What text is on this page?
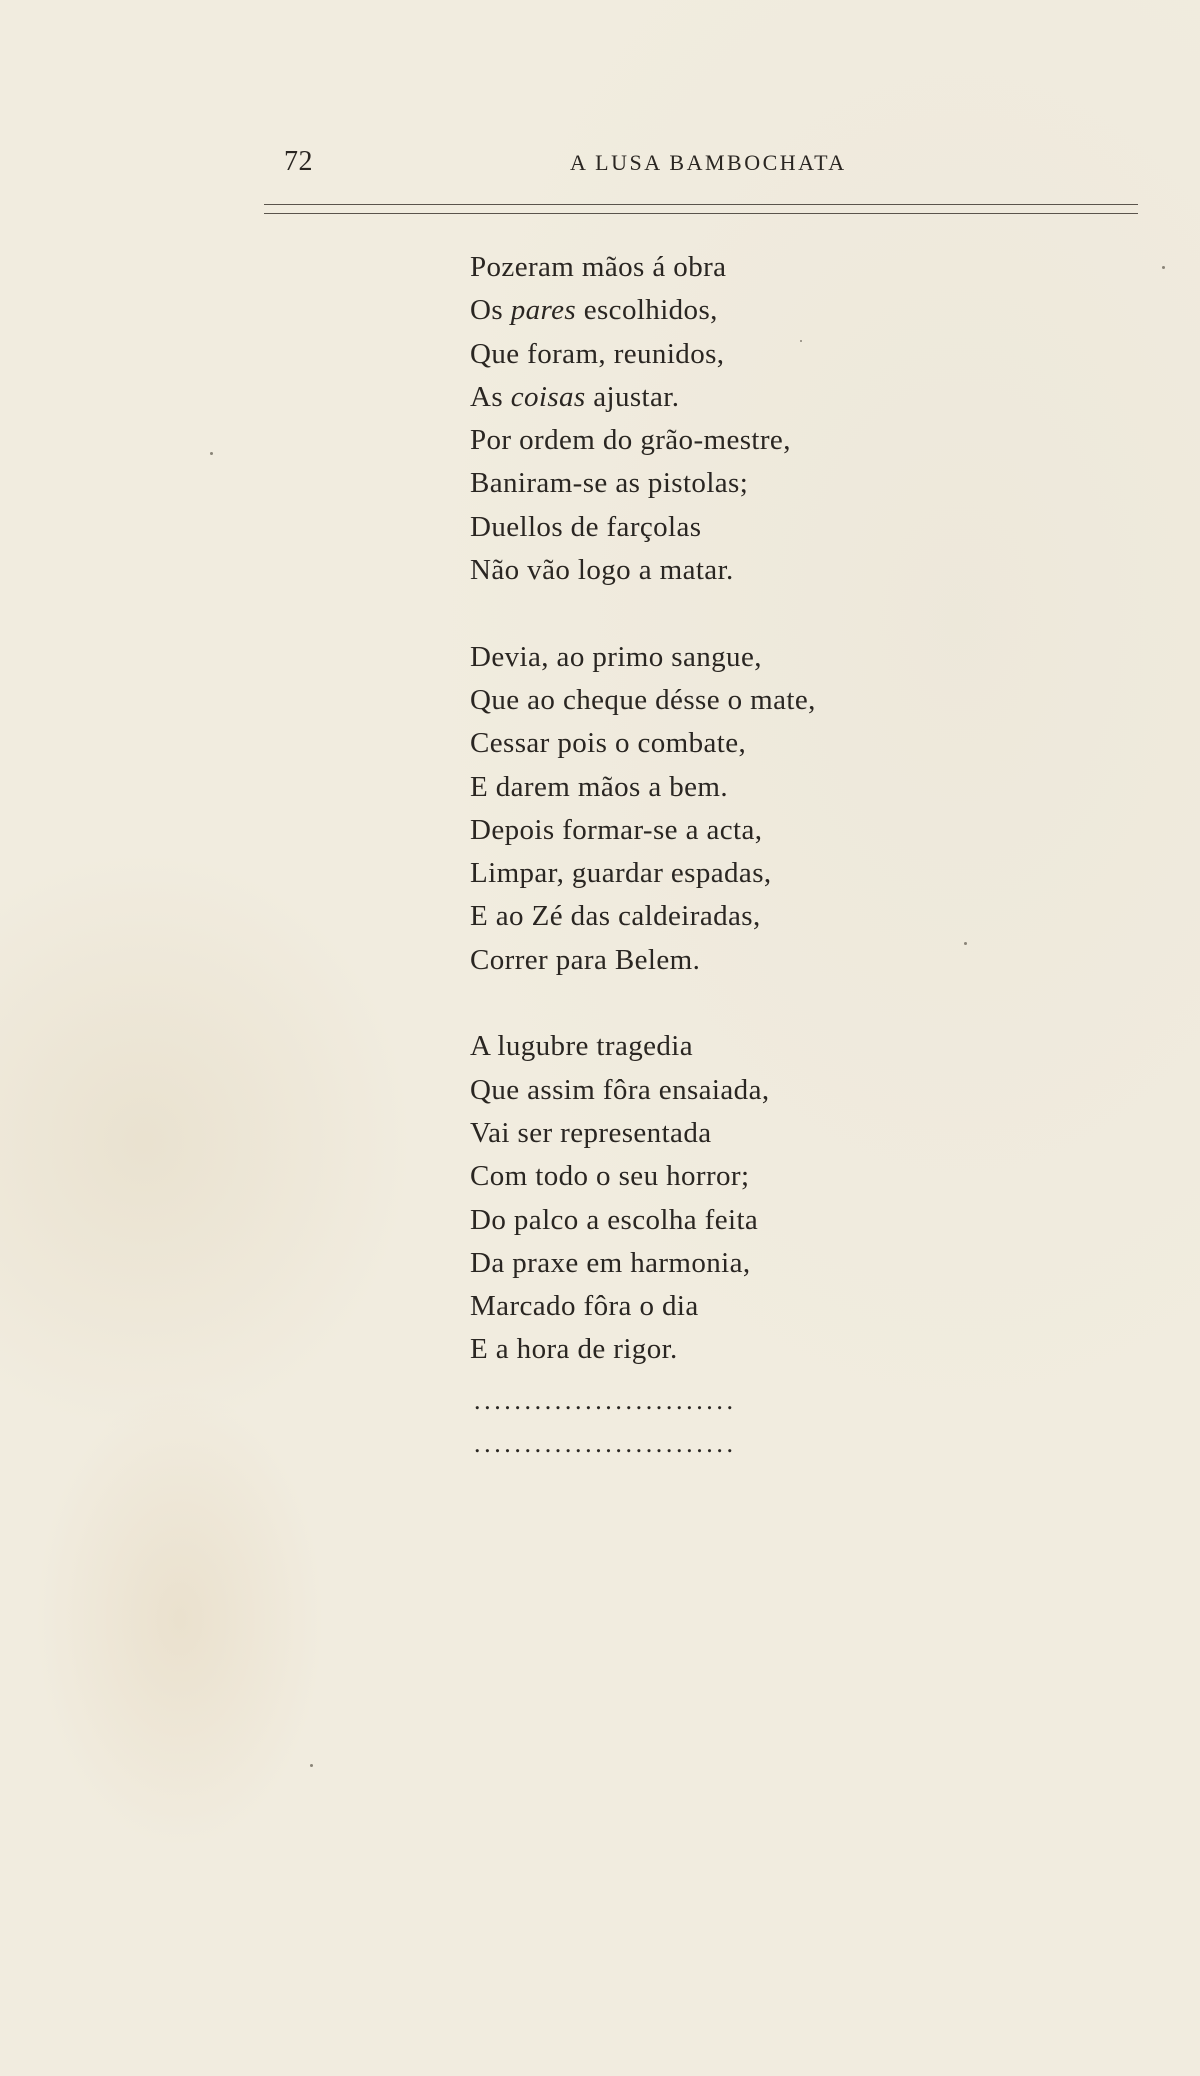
72	A LUSA BAMBOCHATA
Pozeram mãos á obra
Os pares escolhidos,
Que foram, reunidos,
As coisas ajustar.
Por ordem do grão-mestre,
Baniram-se as pistolas;
Duellos de farçolas
Não vão logo a matar.
Devia, ao primo sangue,
Que ao cheque désse o mate,
Cessar pois o combate,
E darem mãos a bem.
Depois formar-se a acta,
Limpar, guardar espadas,
E ao Zé das caldeiradas,
Correr para Belem.
A lugubre tragedia
Que assim fôra ensaiada,
Vai ser representada
Com todo o seu horror;
Do palco a escolha feita
Da praxe em harmonia,
Marcado fôra o dia
E a hora de rigor.
..........................
..........................
